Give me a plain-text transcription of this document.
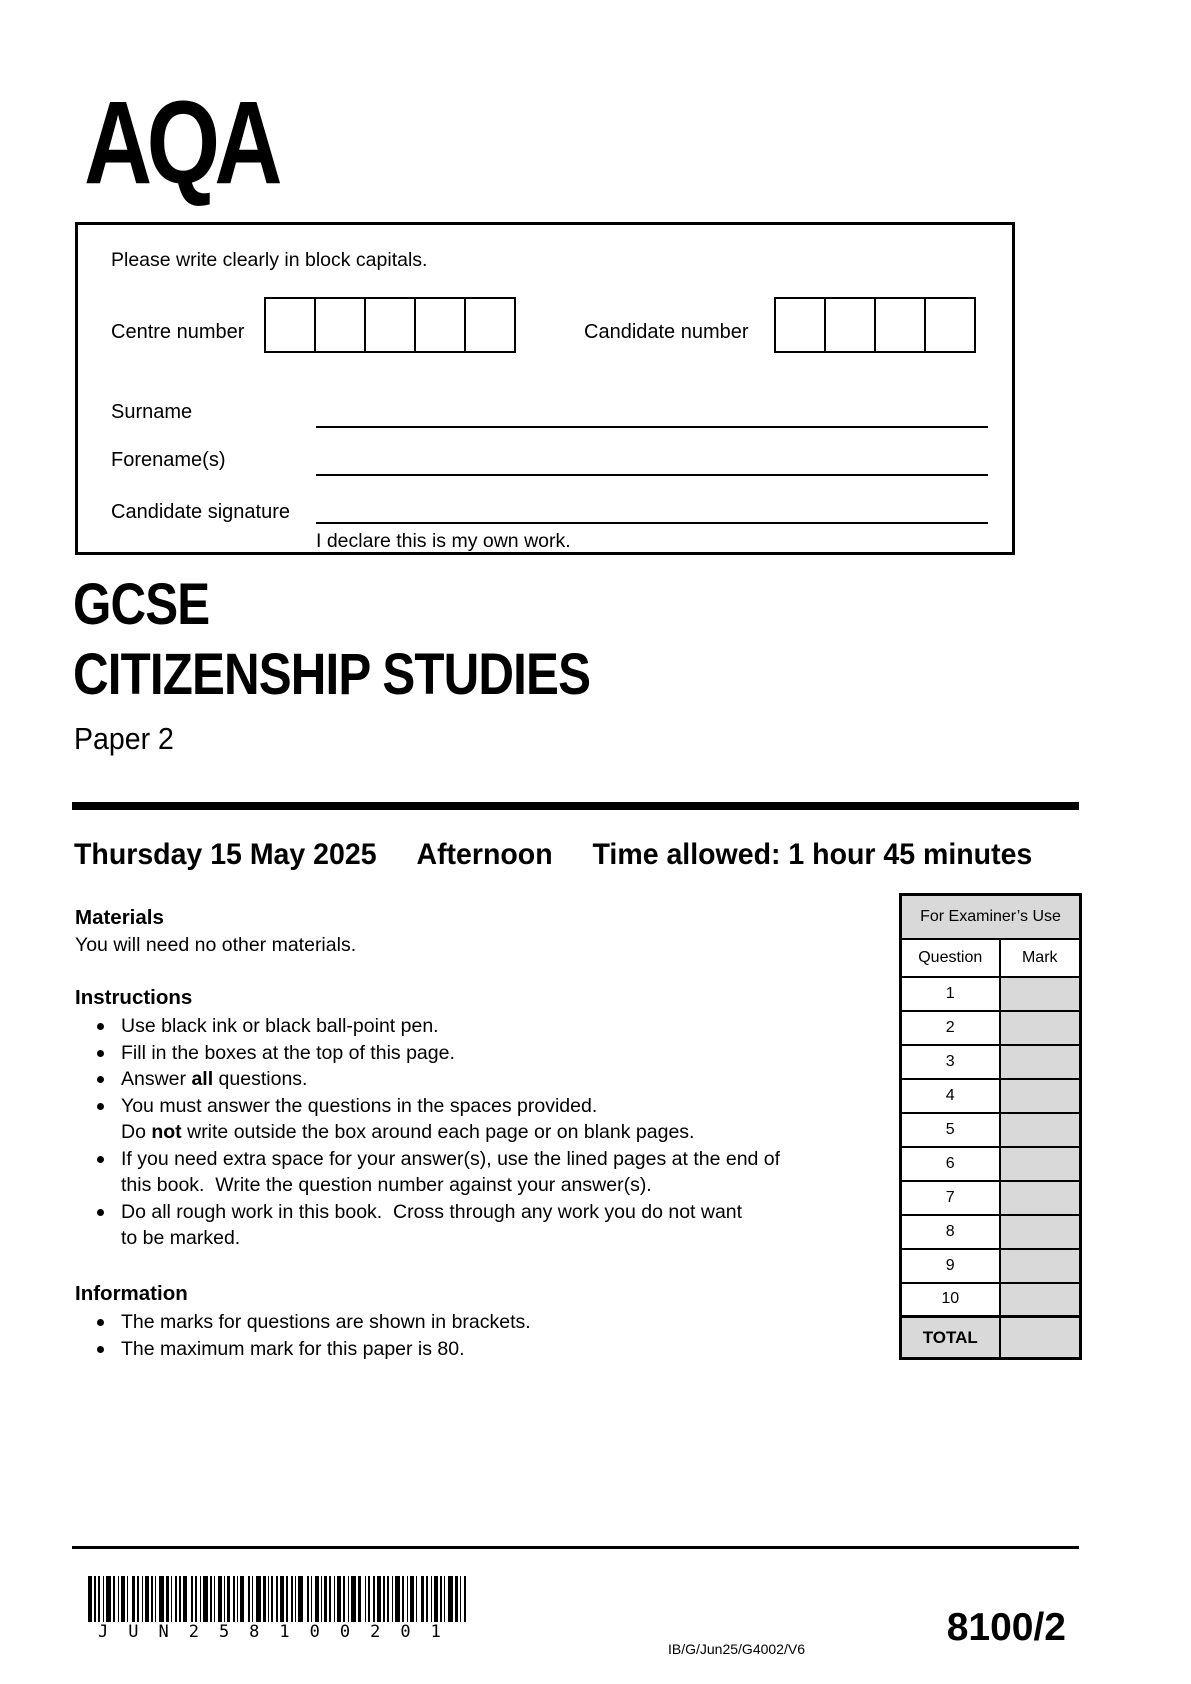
AQA
Please write clearly in block capitals.
Centre number	Candidate number
Surname
Forename(s)
Candidate signature
I declare this is my own work.
GCSE
CITIZENSHIP STUDIES
Paper 2
Thursday 15 May 2025 Afternoon Time allowed: 1 hour 45 minutes
Materials
You will need no other materials.
Instructions
Use black ink or black ball-point pen.
Fill in the boxes at the top of this page.
Answer all questions.
You must answer the questions in the spaces provided.
Do not write outside the box around each page or on blank pages.
If you need extra space for your answer(s), use the lined pages at the end of
this book.  Write the question number against your answer(s).
Do all rough work in this book.  Cross through any work you do not want
to be marked.
Information
The marks for questions are shown in brackets.
The maximum mark for this paper is 80.
For Examiner’s Use	
Question	Mark
1	
2	
3	
4	
5	
6	
7	
8	
9	
10	
TOTAL	
JUN258100201
IB/G/Jun25/G4002/V6	8100/2
